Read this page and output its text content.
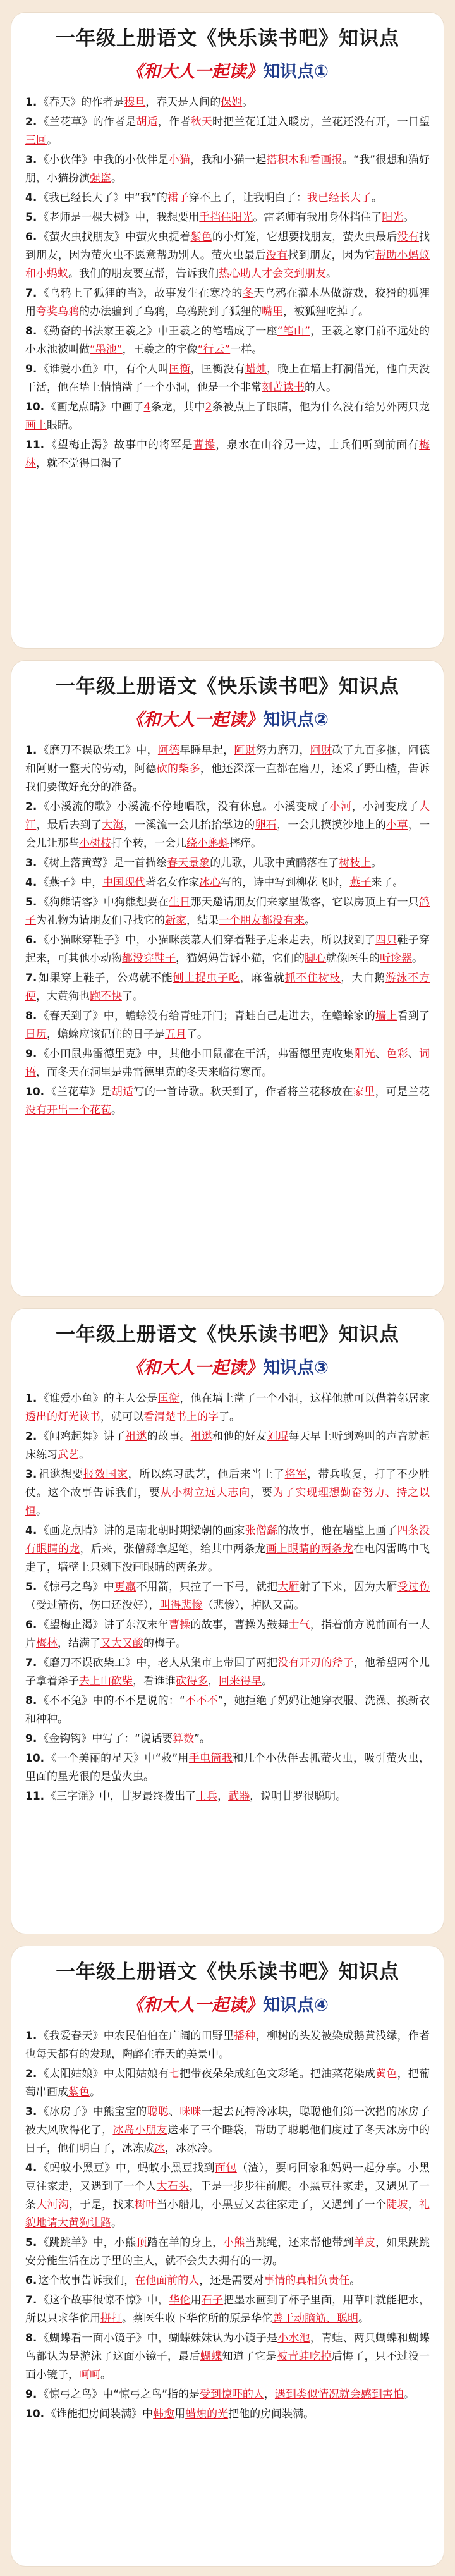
一年级上册语文《快乐读书吧》知识点
《和大人一起读》知识点①
1. 《春天》的作者是穆旦，春天是人间的保姆。
2. 《兰花草》的作者是胡适，作者秋天时把兰花迁进入暖房，兰花还没有开，一日望三回。
3. 《小伙伴》中我的小伙伴是小猫，我和小猫一起搭积木和看画报。“我”很想和猫好朋，小猫扮演强盗。
4. 《我已经长大了》中“我”的裙子穿不上了，让我明白了：我已经长大了。
5. 《老师是一棵大树》中，我想要用手挡住阳光。雷老师有我用身体挡住了阳光。
6. 《萤火虫找朋友》中萤火虫提着紫色的小灯笼，它想要找朋友，萤火虫最后没有找到朋友，因为萤火虫不愿意帮助别人。萤火虫最后没有找到朋友，因为它帮助小蚂蚁和小蚂蚁。我们的朋友要互帮，告诉我们热心助人才会交到朋友。
7. 《乌鸦上了狐狸的当》，故事发生在寒冷的冬天乌鸦在灌木丛做游戏，狡猾的狐狸用夸奖乌鸦的办法骗到了乌鸦，乌鸦跳到了狐狸的嘴里，被狐狸吃掉了。
8. 《勤奋的书法家王羲之》中王羲之的笔墙成了一座“笔山”，王羲之家门前不远处的小水池被叫做“墨池”，王羲之的字像“行云”一样。
9. 《谁爱小鱼》中，有个人叫匡衡，匡衡没有蜡烛，晚上在墙上打洞借光，他白天没干活，他在墙上悄悄凿了一个小洞，他是一个非常刻苦读书的人。
10. 《画龙点睛》中画了4条龙，其中2条被点上了眼睛，他为什么没有给另外两只龙画上眼睛。
11. 《望梅止渴》故事中的将军是曹操，泉水在山谷另一边，士兵们听到前面有梅林，就不觉得口渴了
一年级上册语文《快乐读书吧》知识点
《和大人一起读》知识点②
1. 《磨刀不误砍柴工》中，阿德早睡早起，阿财努力磨刀，阿财砍了九百多捆，阿德和阿财一整天的劳动，阿德砍的柴多，他还深深一直都在磨刀，还采了野山楂，告诉我们要做好充分的准备。
2. 《小溪流的歌》小溪流不停地唱歌，没有休息。小溪变成了小河，小河变成了大江，最后去到了大海，一溪流一会儿抬抬掌边的卵石，一会儿摸摸沙地上的小草，一会儿让那些小树枝打个转，一会儿绕小蝌蚪摔痒。
3. 《树上落黄莺》是一首描绘春天景象的儿歌，儿歌中黄鹂落在了树枝上。
4. 《燕子》中，中国现代著名女作家冰心写的，诗中写到柳花飞时，燕子来了。
5. 《狗熊请客》中狗熊想要在生日那天邀请朋友们来家里做客，它以房顶上有一只鸽子为礼物为请朋友们寻找它的新家，结果一个朋友都没有来。
6. 《小猫咪穿鞋子》中，小猫咪羡慕人们穿着鞋子走来走去，所以找到了四只鞋子穿起来，可其他小动物都没穿鞋子，猫妈妈告诉小猫，它们的脚心就像医生的听诊器。
7. 如果穿上鞋子，公鸡就不能刨土捉虫子吃，麻雀就抓不住树枝，大白鹅游泳不方便，大黄狗也跑不快了。
8. 《春天到了》中，蟾蜍没有给青蛙开门；青蛙自己走进去，在蟾蜍家的墙上看到了日历，蟾蜍应该记住的日子是五月了。
9. 《小田鼠弗雷德里克》中，其他小田鼠都在干活，弗雷德里克收集阳光、色彩、词语，而冬天在洞里是弗雷德里克的冬天来临待寒而。
10. 《兰花草》是胡适写的一首诗歌。秋天到了，作者将兰花移放在家里，可是兰花没有开出一个花苞。
一年级上册语文《快乐读书吧》知识点
《和大人一起读》知识点③
1. 《谁爱小鱼》的主人公是匡衡，他在墙上凿了一个小洞，这样他就可以借着邻居家透出的灯光读书，就可以看清楚书上的字了。
2. 《闻鸡起舞》讲了祖逖的故事。祖逖和他的好友刘琨每天早上听到鸡叫的声音就起床练习武艺。
3. 祖逖想要报效国家，所以练习武艺，他后来当上了将军，带兵收复，打了不少胜仗。这个故事告诉我们，要从小树立远大志向，要为了实现理想勤奋努力、持之以恒。
4. 《画龙点睛》讲的是南北朝时期梁朝的画家张僧繇的故事，他在墙壁上画了四条没有眼睛的龙，后来，张僧繇拿起笔，给其中两条龙画上眼睛的两条龙在电闪雷鸣中飞走了，墙壁上只剩下没画眼睛的两条龙。
5. 《惊弓之鸟》中更羸不用箭，只拉了一下弓，就把大雁射了下来，因为大雁受过伤（受过箭伤，伤口还没好），叫得悲惨（悲惨），掉队又高。
6. 《望梅止渴》讲了东汉末年曹操的故事，曹操为鼓舞士气，指着前方说前面有一大片梅林，结满了又大又酸的梅子。
7. 《磨刀不误砍柴工》中，老人从集市上带回了两把没有开刃的斧子，他希望两个儿子拿着斧子去上山砍柴，看谁谁砍得多，回来得早。
8. 《不不兔》中的不不是说的：“不不不”，她拒绝了妈妈让她穿衣服、洗澡、换新衣和种种。
9. 《金钩钩》中写了：“说话要算数”。
10. 《一个美丽的星天》中“救”用手电筒我和几个小伙伴去抓萤火虫，吸引萤火虫，里面的星光很的是萤火虫。
11. 《三字谣》中，甘罗最终拨出了士兵，武器，说明甘罗很聪明。
一年级上册语文《快乐读书吧》知识点
《和大人一起读》知识点④
1. 《我爱春天》中农民伯伯在广阔的田野里播种，柳树的头发被染成鹅黄浅绿，作者也每天都有的发现，陶醉在春天的美景中。
2. 《太阳姑娘》中太阳姑娘有七把带夜朵朵成红色文彩笔。把油菜花染成黄色，把葡萄串画成紫色。
3. 《冰房子》中熊宝宝的聪聪、咪咪一起去瓦特冷冰块，聪聪他们第一次搭的冰房子被大风吹得化了，冰岛小朋友送来了三个睡袋，帮助了聪聪他们度过了冬天冰房中的日子，他们明白了，冰冻成冰，冰冰冷。
4. 《蚂蚁小黑豆》中，蚂蚁小黑豆找到面包（渣），要叼回家和妈妈一起分享。小黑豆往家走，又遇到了一个人大石头，于是一步步往前爬。小黑豆往家走，又遇见了一条大河沟，于是，找来树叶当小船儿，小黑豆又去往家走了，又遇到了一个陡坡，礼貌地请大黄狗让路。
5. 《跳跳羊》中，小熊顶踏在羊的身上，小熊当跳绳，还来帮他带到羊皮，如果跳跳安分能生活在房子里的主人，就不会失去拥有的一切。
6. 这个故事告诉我们，在他面前的人，还是需要对事情的真相负责任。
7. 《这个故事很惊不惊》中，华伦用石子把墨水画到了杯子里面，用草叶就能把水，所以只求华佗用拼打。蔡医生收下华佗所的原是华佗善于动脑筋、聪明。
8. 《蝴蝶看一面小镜子》中，蝴蝶妹妹认为小镜子是小水池，青蛙、两只蝴蝶和蝴蝶鸟都认为是游泳了这面小镜子，最后蝴蝶知道了它是被青蛙吃掉后悔了，只不过没一面小镜子，呵呵。
9. 《惊弓之鸟》中“惊弓之鸟”指的是受到惊吓的人，遇到类似情况就会感到害怕。
10. 《谁能把房间装满》中韩愈用蜡烛的光把他的房间装满。
